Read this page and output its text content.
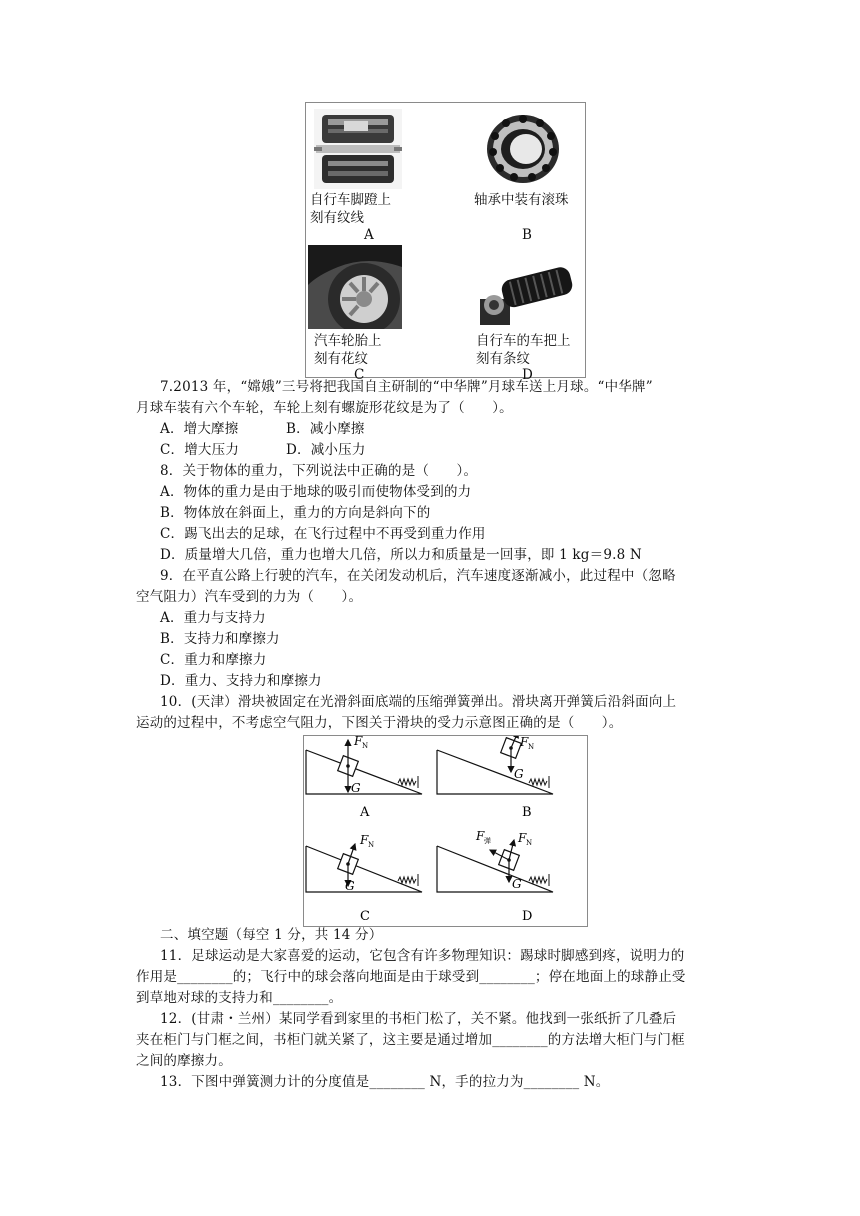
自行车脚蹬上
刻有纹线
A
轴承中装有滚珠
B
汽车轮胎上
刻有花纹
C
自行车的车把上
刻有条纹
D
7.2013 年，“嫦娥”三号将把我国自主研制的“中华牌”月球车送上月球。“中华牌”
月球车装有六个车轮，车轮上刻有螺旋形花纹是为了（　　）。
A．增大摩擦	B．减小摩擦
C．增大压力	D．减小压力
8．关于物体的重力，下列说法中正确的是（　　）。
A．物体的重力是由于地球的吸引而使物体受到的力
B．物体放在斜面上，重力的方向是斜向下的
C．踢飞出去的足球，在飞行过程中不再受到重力作用
D．质量增大几倍，重力也增大几倍，所以力和质量是一回事，即 1 kg＝9.8 N
9．在平直公路上行驶的汽车，在关闭发动机后，汽车速度逐渐减小，此过程中（忽略
空气阻力）汽车受到的力为（　　）。
A．重力与支持力
B．支持力和摩擦力
C．重力和摩擦力
D．重力、支持力和摩擦力
10．(天津）滑块被固定在光滑斜面底端的压缩弹簧弹出。滑块离开弹簧后沿斜面向上
运动的过程中，不考虑空气阻力，下图关于滑块的受力示意图正确的是（　　）。
F N
G
A
F N
G
B
F N
G
C
F N
F 弹
G
D
二、填空题（每空 1 分，共 14 分）
11．足球运动是大家喜爱的运动，它包含有许多物理知识：踢球时脚感到疼，说明力的
作用是________的；飞行中的球会落向地面是由于球受到________；停在地面上的球静止受
到草地对球的支持力和________。
12．(甘肃・兰州）某同学看到家里的书柜门松了，关不紧。他找到一张纸折了几叠后
夹在柜门与门框之间，书柜门就关紧了，这主要是通过增加________的方法增大柜门与门框
之间的摩擦力。
13．下图中弹簧测力计的分度值是________ N，手的拉力为________ N。
